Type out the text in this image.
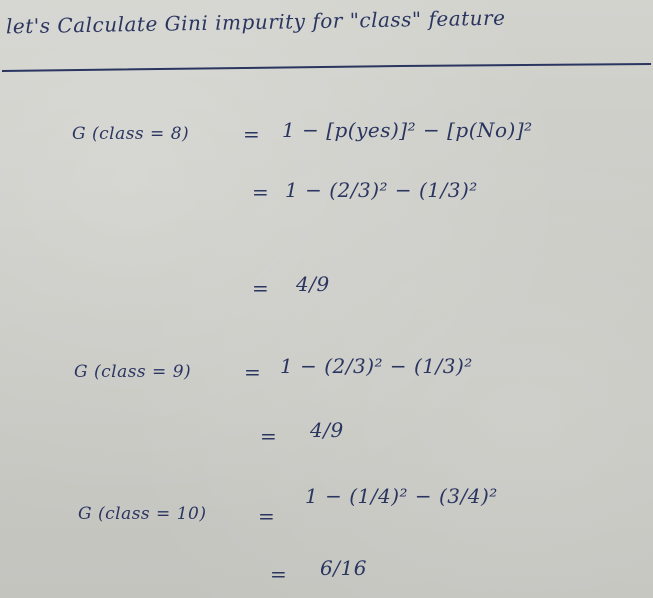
let's Calculate Gini impurity for "class" feature
G (class = 8)	= 1 − [p(yes)]² − [p(No)]²
= 1 − (2/3)² − (1/3)²
= 4/9
G (class = 9)	= 1 − (2/3)² − (1/3)²
= 4/9
G (class = 10)	=
1 − (1/4)² − (3/4)²
= 6/16
